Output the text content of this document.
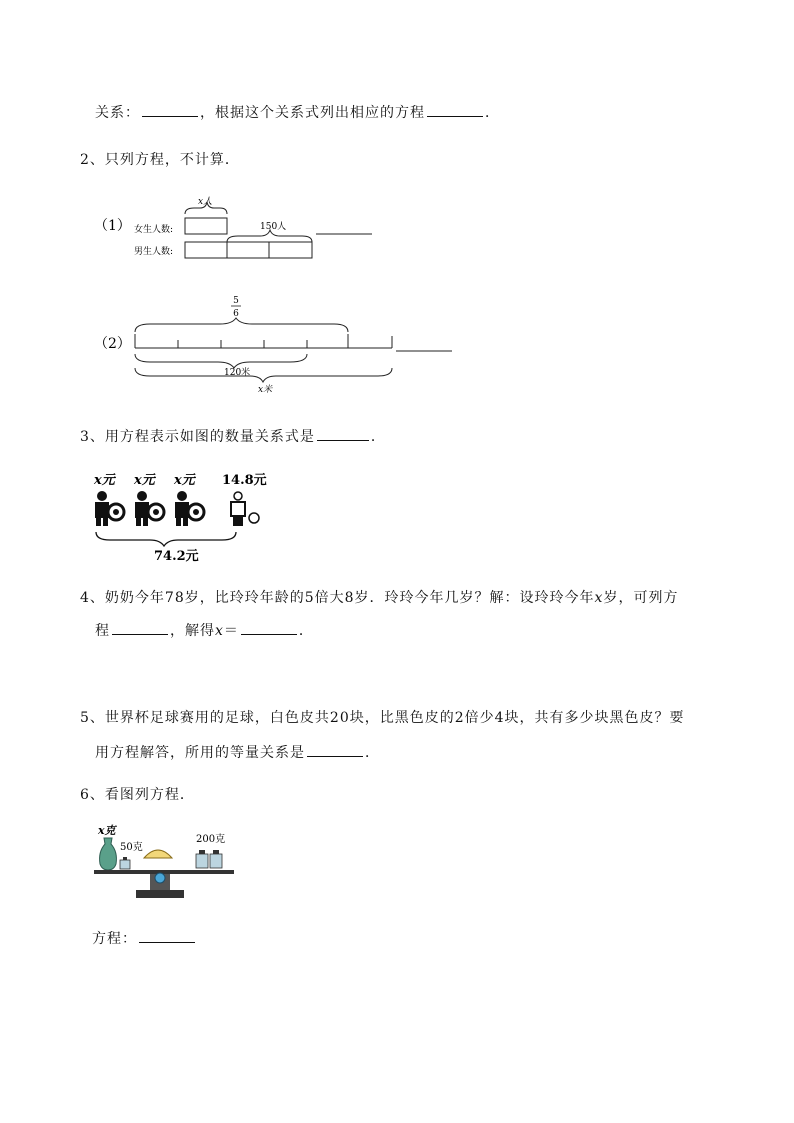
关系：	，根据这个关系式列出相应的方程	．
2、只列方程，不计算．
（1） 女生人数:
男生人数:
x人
150人
5
6
（2）
120米
x米
3、用方程表示如图的数量关系式是	．
x元 x元 x元 14.8元
74.2元
4、奶奶今年78岁，比玲玲年龄的5倍大8岁．玲玲今年几岁？解：设玲玲今年x岁，可列方
程	，解得x＝	．
5、世界杯足球赛用的足球，白色皮共20块，比黑色皮的2倍少4块，共有多少块黑色皮？要
用方程解答，所用的等量关系是	．
6、看图列方程．
x克
50克
200克
方程：
